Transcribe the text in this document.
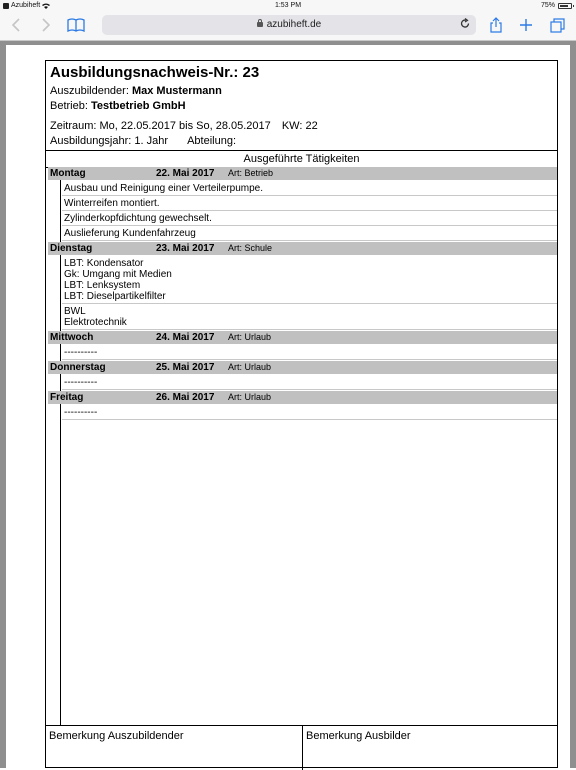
Azubiheft	1:53 PM	75%
azubiheft.de
Ausbildungsnachweis-Nr.: 23
Auszubildender: Max Mustermann
Betrieb: Testbetrieb GmbH
Zeitraum: Mo, 22.05.2017 bis So, 28.05.2017 KW: 22
Ausbildungsjahr: 1. Jahr Abteilung:
Ausgeführte Tätigkeiten
Montag	22. Mai 2017 Art: Betrieb
Ausbau und Reinigung einer Verteilerpumpe.
Winterreifen montiert.
Zylinderkopfdichtung gewechselt.
Auslieferung Kundenfahrzeug
Dienstag	23. Mai 2017 Art: Schule
LBT: Kondensator
Gk: Umgang mit Medien
LBT: Lenksystem
LBT: Dieselpartikelfilter
BWL
Elektrotechnik
Mittwoch	24. Mai 2017 Art: Urlaub
----------
Donnerstag	25. Mai 2017 Art: Urlaub
----------
Freitag	26. Mai 2017 Art: Urlaub
----------
Bemerkung Auszubildender	Bemerkung Ausbilder
